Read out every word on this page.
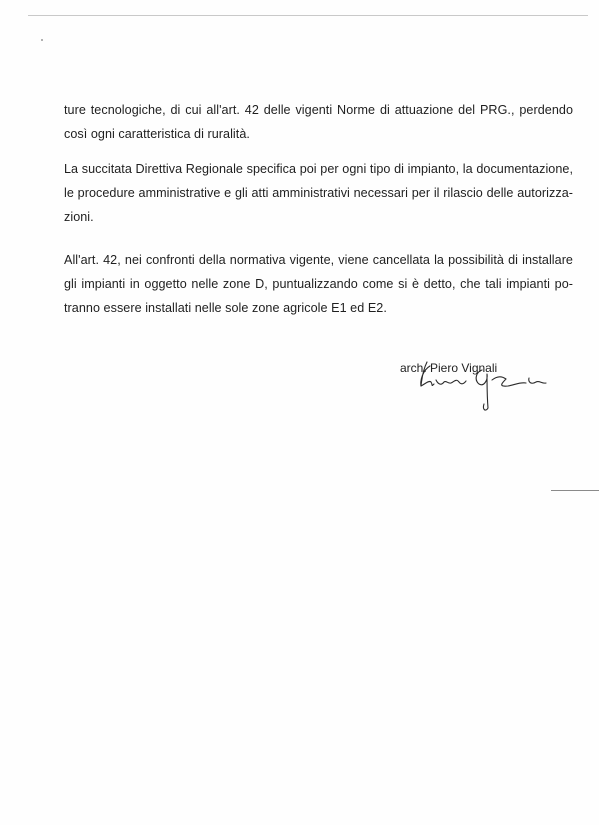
ture tecnologiche, di cui all'art. 42 delle vigenti Norme di attuazione del PRG., perdendo così ogni caratteristica di ruralità.

La succitata Direttiva Regionale specifica poi per ogni tipo di impianto, la documentazione, le procedure amministrative e gli atti amministrativi necessari per il rilascio delle autorizza-zioni.

All'art. 42, nei confronti della normativa vigente, viene cancellata la possibilità di installare gli impianti in oggetto nelle zone D, puntualizzando come si è detto, che tali impianti po-tranno essere installati nelle sole zone agricole E1 ed E2.

arch. Piero Vignali
